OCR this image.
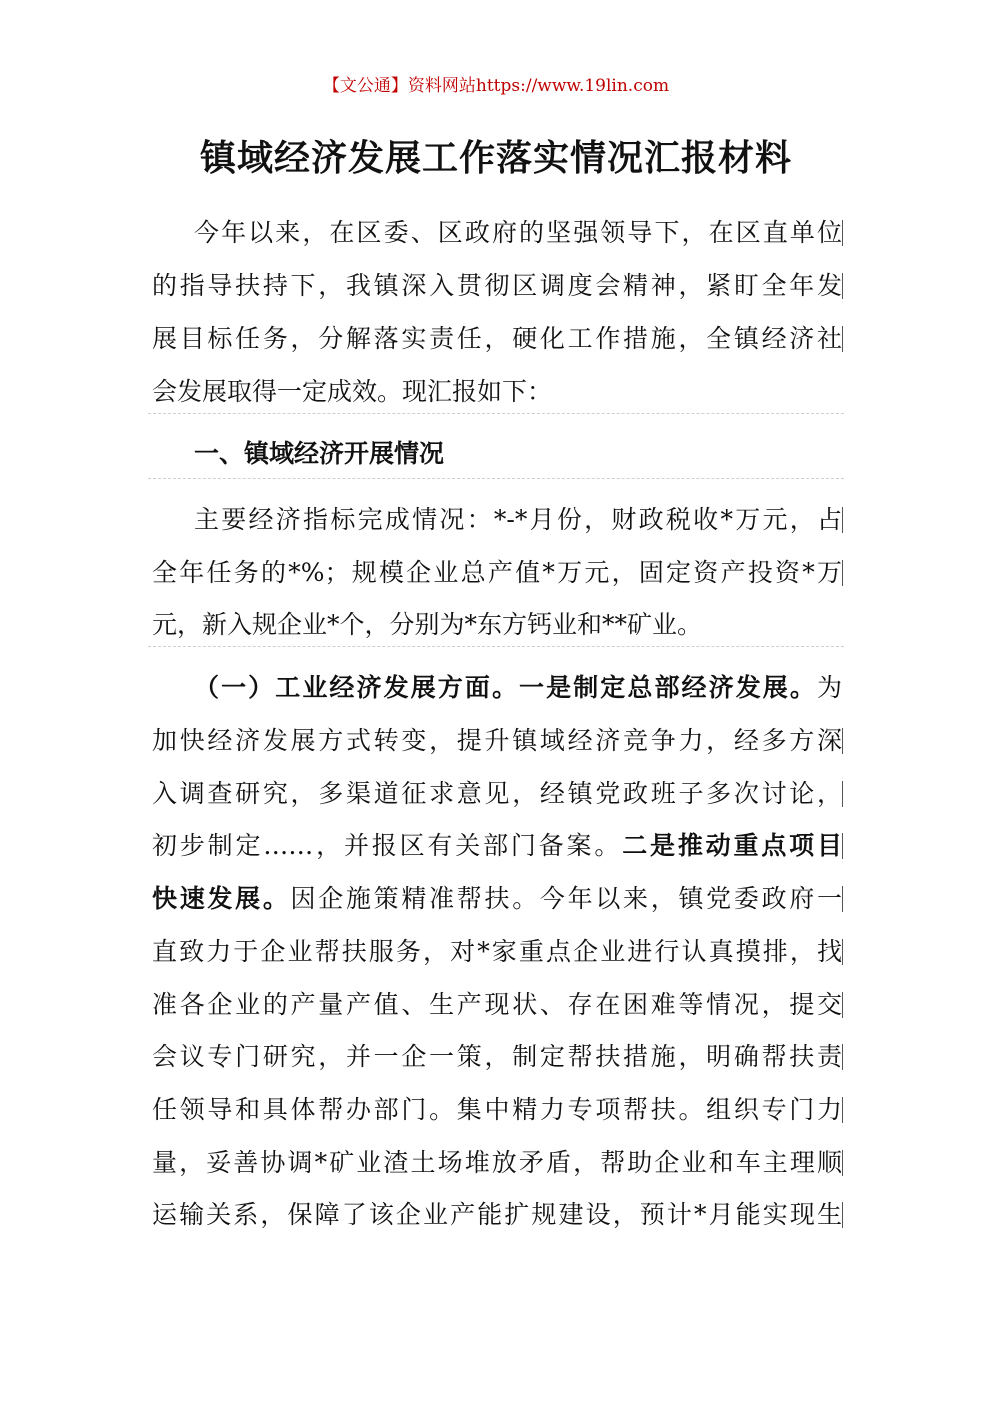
【文公通】资料网站https://www.19lin.com
镇域经济发展工作落实情况汇报材料
今年以来，在区委、区政府的坚强领导下，在区直单位
的指导扶持下，我镇深入贯彻区调度会精神，紧盯全年发
展目标任务，分解落实责任，硬化工作措施，全镇经济社
会发展取得一定成效。现汇报如下：
一、镇域经济开展情况
主要经济指标完成情况：*-*月份，财政税收*万元，占
全年任务的*%；规模企业总产值*万元，固定资产投资*万
元，新入规企业*个，分别为*东方钙业和**矿业。
（一）工业经济发展方面。一是制定总部经济发展。为
加快经济发展方式转变，提升镇域经济竞争力，经多方深
入调查研究，多渠道征求意见，经镇党政班子多次讨论，
初步制定……，并报区有关部门备案。二是推动重点项目
快速发展。因企施策精准帮扶。今年以来，镇党委政府一
直致力于企业帮扶服务，对*家重点企业进行认真摸排，找
准各企业的产量产值、生产现状、存在困难等情况，提交
会议专门研究，并一企一策，制定帮扶措施，明确帮扶责
任领导和具体帮办部门。集中精力专项帮扶。组织专门力
量，妥善协调*矿业渣土场堆放矛盾，帮助企业和车主理顺
运输关系，保障了该企业产能扩规建设，预计*月能实现生
